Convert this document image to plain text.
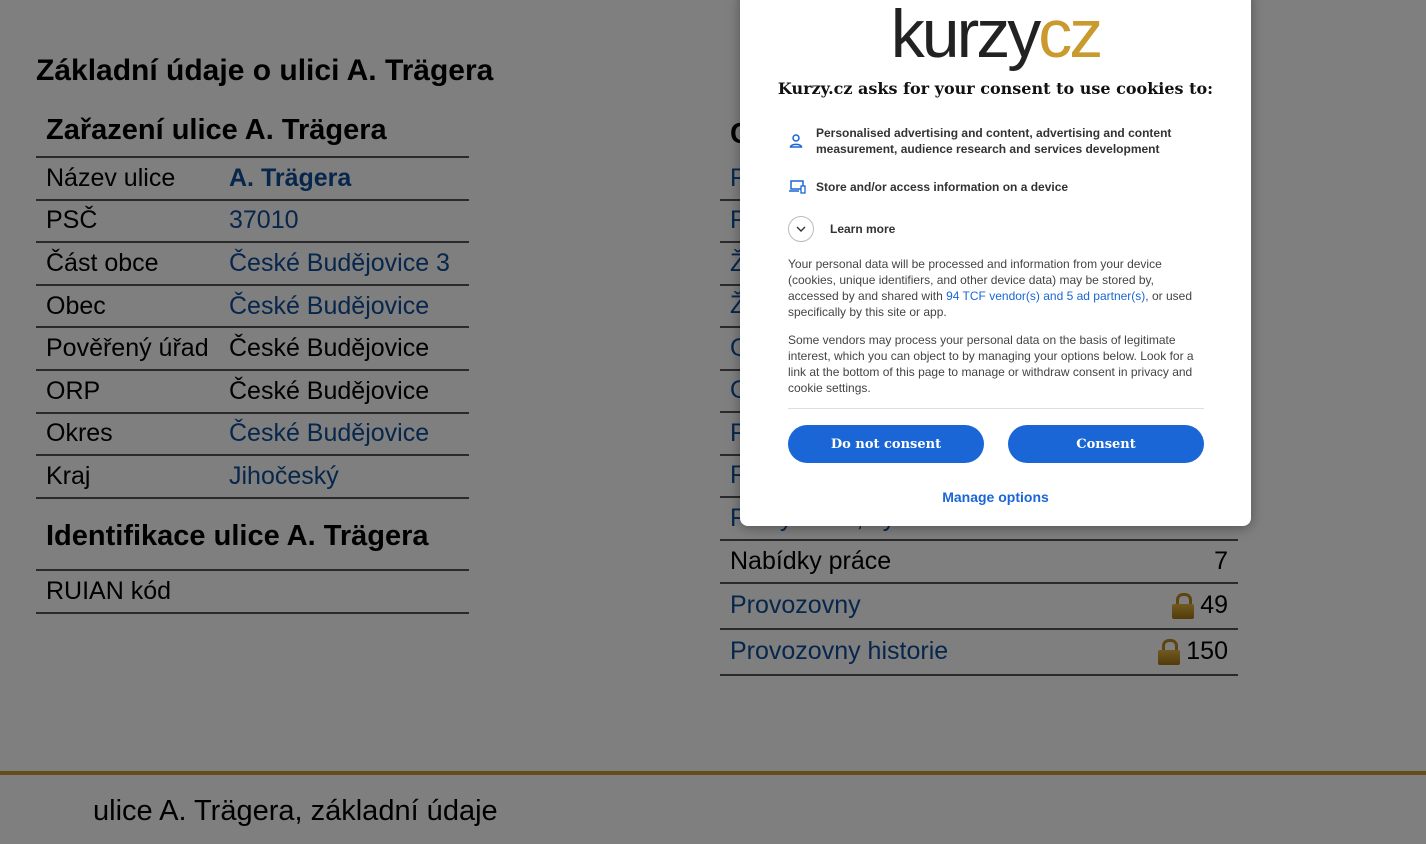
kurzycz
Kurzy.cz asks for your consent to use cookies to:
Personalised advertising and content, advertising and content measurement, audience research and services development
Store and/or access information on a device
Learn more
Your personal data will be processed and information from your device (cookies, unique identifiers, and other device data) may be stored by, accessed by and shared with 94 TCF vendor(s) and 5 ad partner(s), or used specifically by this site or app.
Some vendors may process your personal data on the basis of legitimate interest, which you can object to by managing your options below. Look for a link at the bottom of this page to manage or withdraw consent in privacy and cookie settings.
Do not consent	Consent
Manage options
